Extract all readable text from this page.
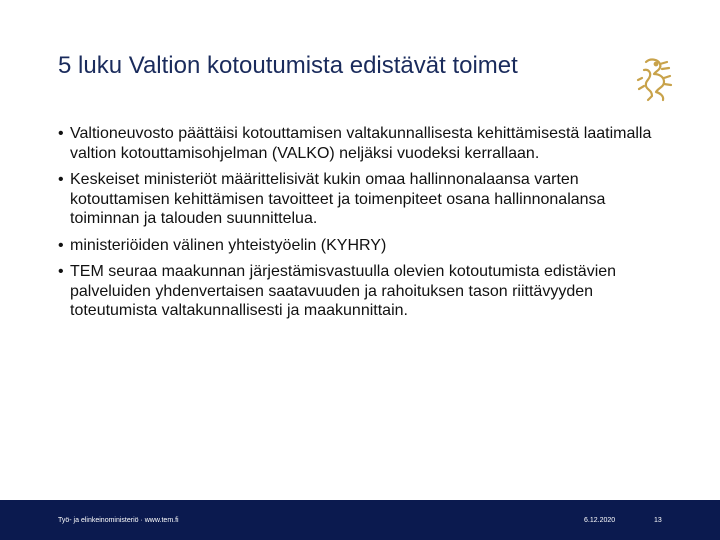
5 luku Valtion kotoutumista edistävät toimet
• Valtioneuvosto päättäisi kotouttamisen valtakunnallisesta kehittämisestä laatimalla valtion kotouttamisohjelman (VALKO) neljäksi vuodeksi kerrallaan.
• Keskeiset ministeriöt määrittelisivät kukin omaa hallinnonalaansa varten kotouttamisen kehittämisen tavoitteet ja toimenpiteet osana hallinnonalansa toiminnan ja talouden suunnittelua.
• ministeriöiden välinen yhteistyöelin (KYHRY)
• TEM seuraa maakunnan järjestämisvastuulla olevien kotoutumista edistävien palveluiden yhdenvertaisen saatavuuden ja rahoituksen tason riittävyyden toteutumista valtakunnallisesti ja maakunnittain.
Työ- ja elinkeinoministeriö · www.tem.fi	6.12.2020	13
